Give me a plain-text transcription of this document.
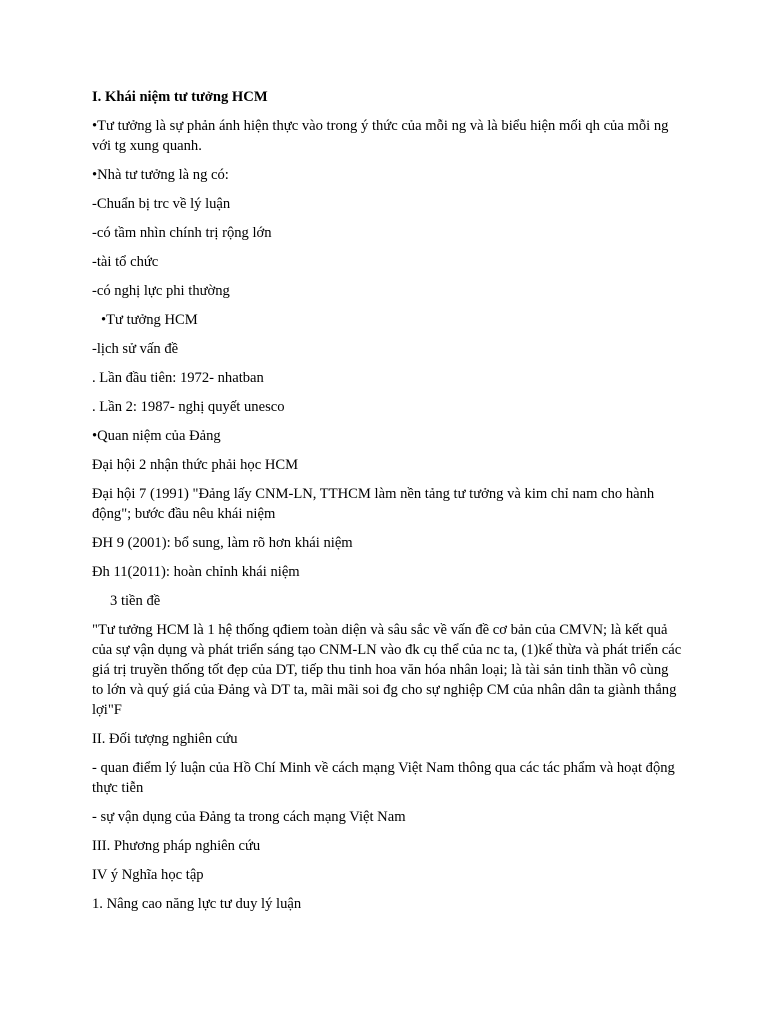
I. Khái niệm tư tưởng HCM

•Tư tưởng là sự phản ánh hiện thực vào trong ý thức của mỗi ng và là biểu hiện mối qh của mỗi ng với tg xung quanh.

•Nhà tư tưởng là ng có:

-Chuẩn bị trc về lý luận

-có tầm nhìn chính trị rộng lớn

-tài tổ chức

-có nghị lực phi thường

•Tư tưởng HCM

-lịch sử vấn đề

. Lần đầu tiên: 1972- nhatban

. Lần 2: 1987- nghị quyết unesco

•Quan niệm của Đảng

Đại hội 2 nhận thức phải học HCM

Đại hội 7 (1991) "Đảng lấy CNM-LN, TTHCM làm nền tảng tư tưởng và kim chỉ nam cho hành động"; bước đầu nêu khái niệm

ĐH 9 (2001): bổ sung, làm rõ hơn khái niệm

Đh 11(2011): hoàn chỉnh khái niệm

3 tiền đề

"Tư tưởng HCM là 1 hệ thống qđiem toàn diện và sâu sắc về vấn đề cơ bản của CMVN; là kết quả của sự vận dụng và phát triển sáng tạo CNM-LN vào đk cụ thể của nc ta, (1)kế thừa và phát triển các giá trị truyền thống tốt đẹp của DT, tiếp thu tinh hoa văn hóa nhân loại; là tài sản tinh thần vô cùng to lớn và quý giá của Đảng và DT ta, mãi mãi soi đg cho sự nghiệp CM của nhân dân ta giành thắng lợi"F

II. Đối tượng nghiên cứu

- quan điểm lý luận của Hồ Chí Minh về cách mạng Việt Nam thông qua các tác phẩm và hoạt động thực tiễn

- sự vận dụng của Đảng ta trong cách mạng Việt Nam

III. Phương pháp nghiên cứu

IV ý Nghĩa học tập

1. Nâng cao năng lực tư duy lý luận
